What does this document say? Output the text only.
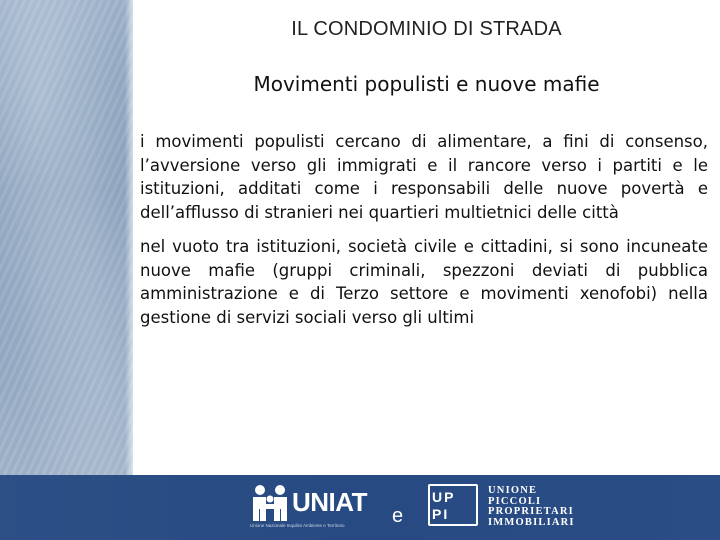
IL CONDOMINIO DI STRADA
Movimenti populisti e nuove mafie

i movimenti populisti cercano di alimentare, a fini di consenso, l’avversione verso gli immigrati e il rancore verso i partiti e le istituzioni, additati come i responsabili delle nuove povertà e dell’afflusso di stranieri nei quartieri multietnici delle città

nel vuoto tra istituzioni, società civile e cittadini, si sono incuneate nuove mafie (gruppi criminali, spezzoni deviati di pubblica amministrazione e di Terzo settore e movimenti xenofobi) nella gestione di servizi sociali verso gli ultimi

UNIAT
Unione Nazionale Inquilini Ambiente e Territorio	e
UP
PI
UNIONE
PICCOLI
PROPRIETARI
IMMOBILIARI
